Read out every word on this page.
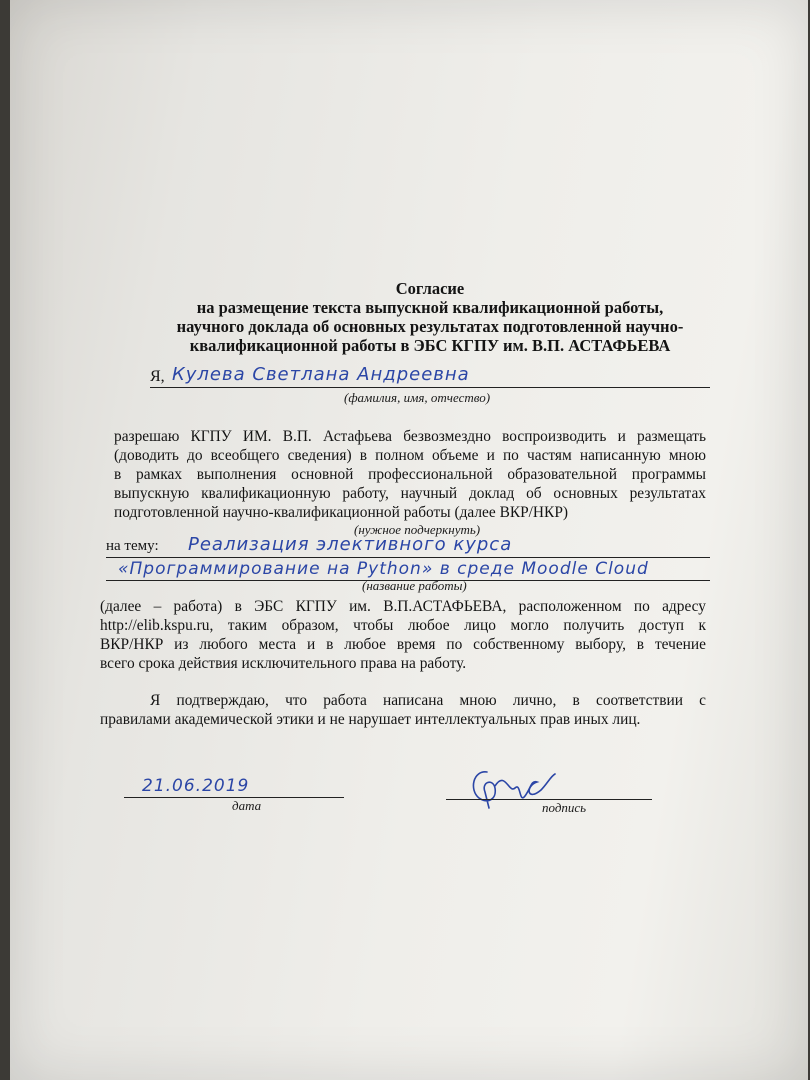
Согласие
на размещение текста выпускной квалификационной работы,
научного доклада об основных результатах подготовленной научно-
квалификационной работы в ЭБС КГПУ им. В.П. АСТАФЬЕВА
Я, Кулева Светлана Андреевна
(фамилия, имя, отчество)
разрешаю КГПУ ИМ. В.П. Астафьева безвозмездно воспроизводить и размещать
(доводить до всеобщего сведения) в полном объеме и по частям написанную мною
в рамках выполнения основной профессиональной образовательной программы
выпускную квалификационную работу, научный доклад об основных результатах
подготовленной научно-квалификационной работы (далее ВКР/НКР)
(нужное подчеркнуть)
на тему: Реализация элективного курса
«Программирование на Python» в среде Moodle Cloud
(название работы)
(далее – работа) в ЭБС КГПУ им. В.П.АСТАФЬЕВА, расположенном по адресу
http://elib.kspu.ru, таким образом, чтобы любое лицо могло получить доступ к
ВКР/НКР из любого места и в любое время по собственному выбору, в течение
всего срока действия исключительного права на работу.
Я подтверждаю, что работа написана мною лично, в соответствии с
правилами академической этики и не нарушает интеллектуальных прав иных лиц.
21.06.2019
дата	подпись
